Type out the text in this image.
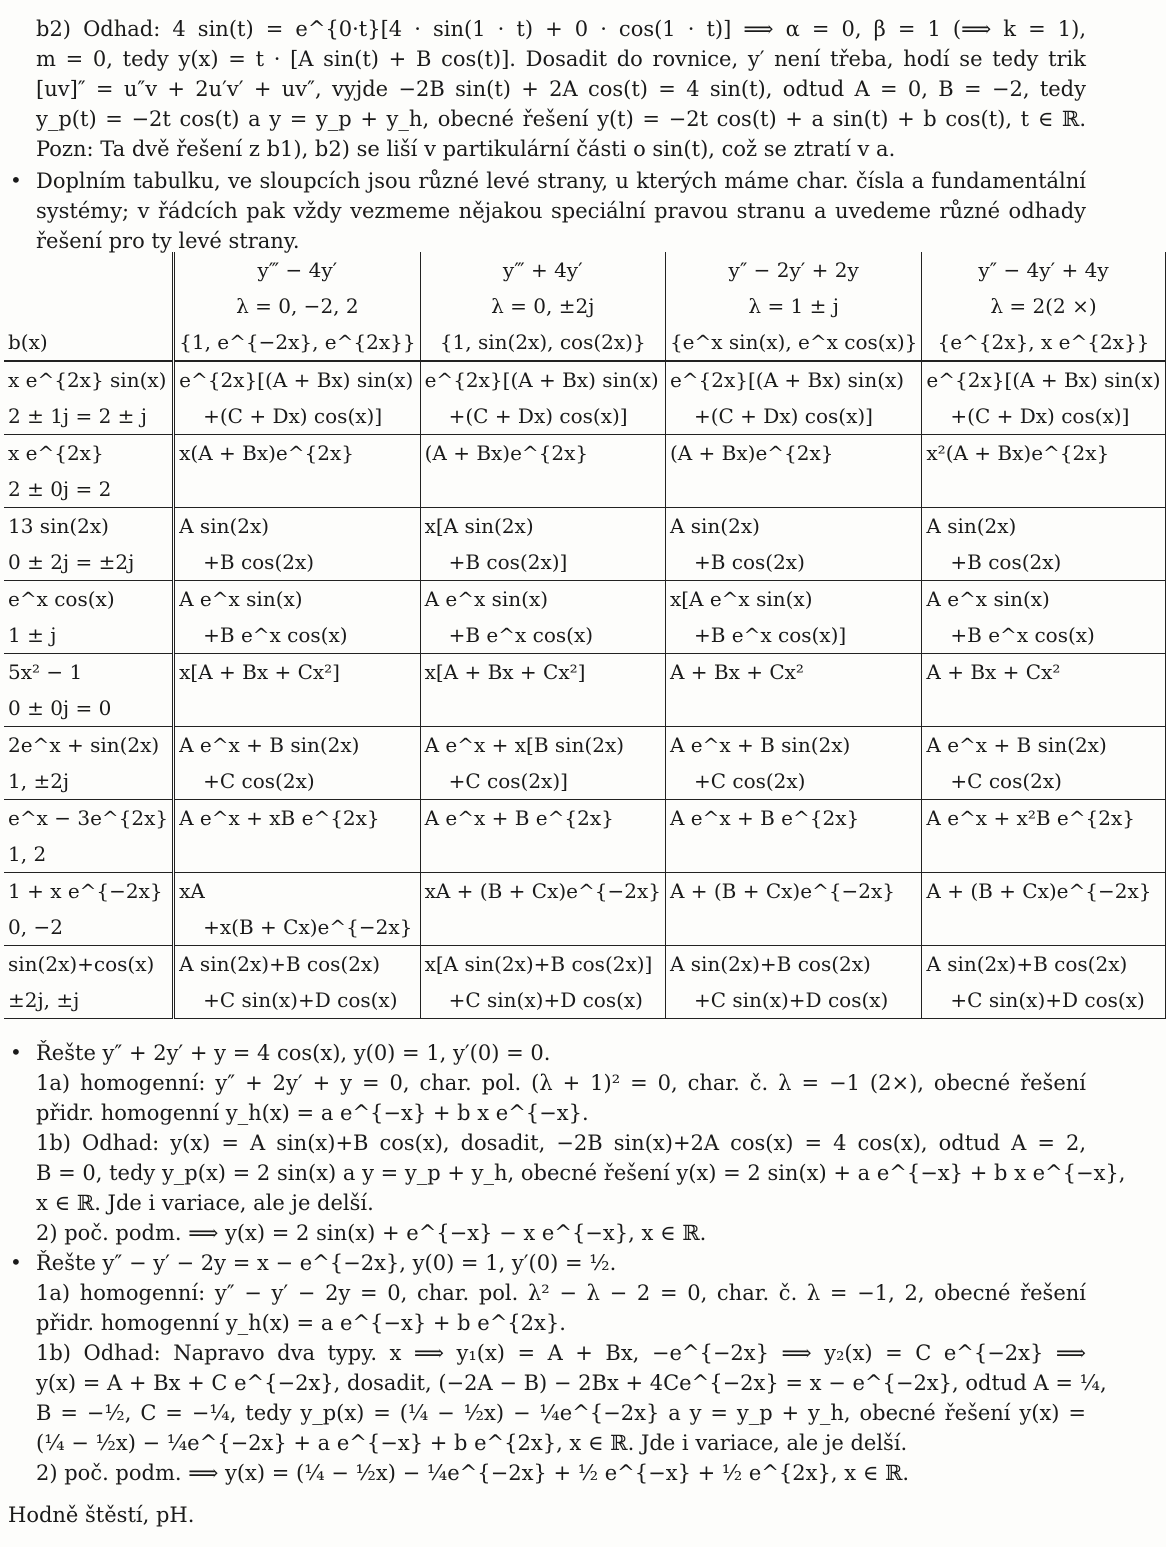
b2) Odhad: 4 sin(t) = e^{0·t}[4 · sin(1 · t) + 0 · cos(1 · t)] ⟹ α = 0, β = 1 (⟹ k = 1),
m = 0, tedy y(x) = t · [A sin(t) + B cos(t)]. Dosadit do rovnice, y′ není třeba, hodí se tedy trik
[uv]″ = u″v + 2u′v′ + uv″, vyjde −2B sin(t) + 2A cos(t) = 4 sin(t), odtud A = 0, B = −2, tedy
y_p(t) = −2t cos(t) a y = y_p + y_h, obecné řešení y(t) = −2t cos(t) + a sin(t) + b cos(t), t ∈ ℝ.
Pozn: Ta dvě řešení z b1), b2) se liší v partikulární části o sin(t), což se ztratí v a.
• Doplním tabulku, ve sloupcích jsou různé levé strany, u kterých máme char. čísla a fundamentální
systémy; v řádcích pak vždy vezmeme nějakou speciální pravou stranu a uvedeme různé odhady
řešení pro ty levé strany.
	y‴ − 4y′	y‴ + 4y′	y″ − 2y′ + 2y	y″ − 4y′ + 4y
	λ = 0, −2, 2	λ = 0, ±2j	λ = 1 ± j	λ = 2(2 ×)
b(x)	{1, e^{−2x}, e^{2x}}	{1, sin(2x), cos(2x)}	{e^x sin(x), e^x cos(x)}	{e^{2x}, x e^{2x}}
x e^{2x} sin(x)	e^{2x}[(A + Bx) sin(x)	e^{2x}[(A + Bx) sin(x)	e^{2x}[(A + Bx) sin(x)	e^{2x}[(A + Bx) sin(x)
2 ± 1j = 2 ± j	+(C + Dx) cos(x)]	+(C + Dx) cos(x)]	+(C + Dx) cos(x)]	+(C + Dx) cos(x)]
x e^{2x}	x(A + Bx)e^{2x}	(A + Bx)e^{2x}	(A + Bx)e^{2x}	x²(A + Bx)e^{2x}
2 ± 0j = 2				
13 sin(2x)	A sin(2x)	x[A sin(2x)	A sin(2x)	A sin(2x)
0 ± 2j = ±2j	+B cos(2x)	+B cos(2x)]	+B cos(2x)	+B cos(2x)
e^x cos(x)	A e^x sin(x)	A e^x sin(x)	x[A e^x sin(x)	A e^x sin(x)
1 ± j	+B e^x cos(x)	+B e^x cos(x)	+B e^x cos(x)]	+B e^x cos(x)
5x² − 1	x[A + Bx + Cx²]	x[A + Bx + Cx²]	A + Bx + Cx²	A + Bx + Cx²
0 ± 0j = 0				
2e^x + sin(2x)	A e^x + B sin(2x)	A e^x + x[B sin(2x)	A e^x + B sin(2x)	A e^x + B sin(2x)
1, ±2j	+C cos(2x)	+C cos(2x)]	+C cos(2x)	+C cos(2x)
e^x − 3e^{2x}	A e^x + xB e^{2x}	A e^x + B e^{2x}	A e^x + B e^{2x}	A e^x + x²B e^{2x}
1, 2				
1 + x e^{−2x}	xA	xA + (B + Cx)e^{−2x}	A + (B + Cx)e^{−2x}	A + (B + Cx)e^{−2x}
0, −2	+x(B + Cx)e^{−2x}			
sin(2x)+cos(x)	A sin(2x)+B cos(2x)	x[A sin(2x)+B cos(2x)]	A sin(2x)+B cos(2x)	A sin(2x)+B cos(2x)
±2j, ±j	+C sin(x)+D cos(x)	+C sin(x)+D cos(x)	+C sin(x)+D cos(x)	+C sin(x)+D cos(x)
• Řešte y″ + 2y′ + y = 4 cos(x), y(0) = 1, y′(0) = 0.
1a) homogenní: y″ + 2y′ + y = 0, char. pol. (λ + 1)² = 0, char. č. λ = −1 (2×), obecné řešení
přidr. homogenní y_h(x) = a e^{−x} + b x e^{−x}.
1b) Odhad: y(x) = A sin(x)+B cos(x), dosadit, −2B sin(x)+2A cos(x) = 4 cos(x), odtud A = 2,
B = 0, tedy y_p(x) = 2 sin(x) a y = y_p + y_h, obecné řešení y(x) = 2 sin(x) + a e^{−x} + b x e^{−x},
x ∈ ℝ. Jde i variace, ale je delší.
2) poč. podm. ⟹ y(x) = 2 sin(x) + e^{−x} − x e^{−x}, x ∈ ℝ.
• Řešte y″ − y′ − 2y = x − e^{−2x}, y(0) = 1, y′(0) = ½.
1a) homogenní: y″ − y′ − 2y = 0, char. pol. λ² − λ − 2 = 0, char. č. λ = −1, 2, obecné řešení
přidr. homogenní y_h(x) = a e^{−x} + b e^{2x}.
1b) Odhad: Napravo dva typy. x ⟹ y₁(x) = A + Bx, −e^{−2x} ⟹ y₂(x) = C e^{−2x} ⟹
y(x) = A + Bx + C e^{−2x}, dosadit, (−2A − B) − 2Bx + 4Ce^{−2x} = x − e^{−2x}, odtud A = ¼,
B = −½, C = −¼, tedy y_p(x) = (¼ − ½x) − ¼e^{−2x} a y = y_p + y_h, obecné řešení y(x) =
(¼ − ½x) − ¼e^{−2x} + a e^{−x} + b e^{2x}, x ∈ ℝ. Jde i variace, ale je delší.
2) poč. podm. ⟹ y(x) = (¼ − ½x) − ¼e^{−2x} + ½ e^{−x} + ½ e^{2x}, x ∈ ℝ.
Hodně štěstí, pH.
